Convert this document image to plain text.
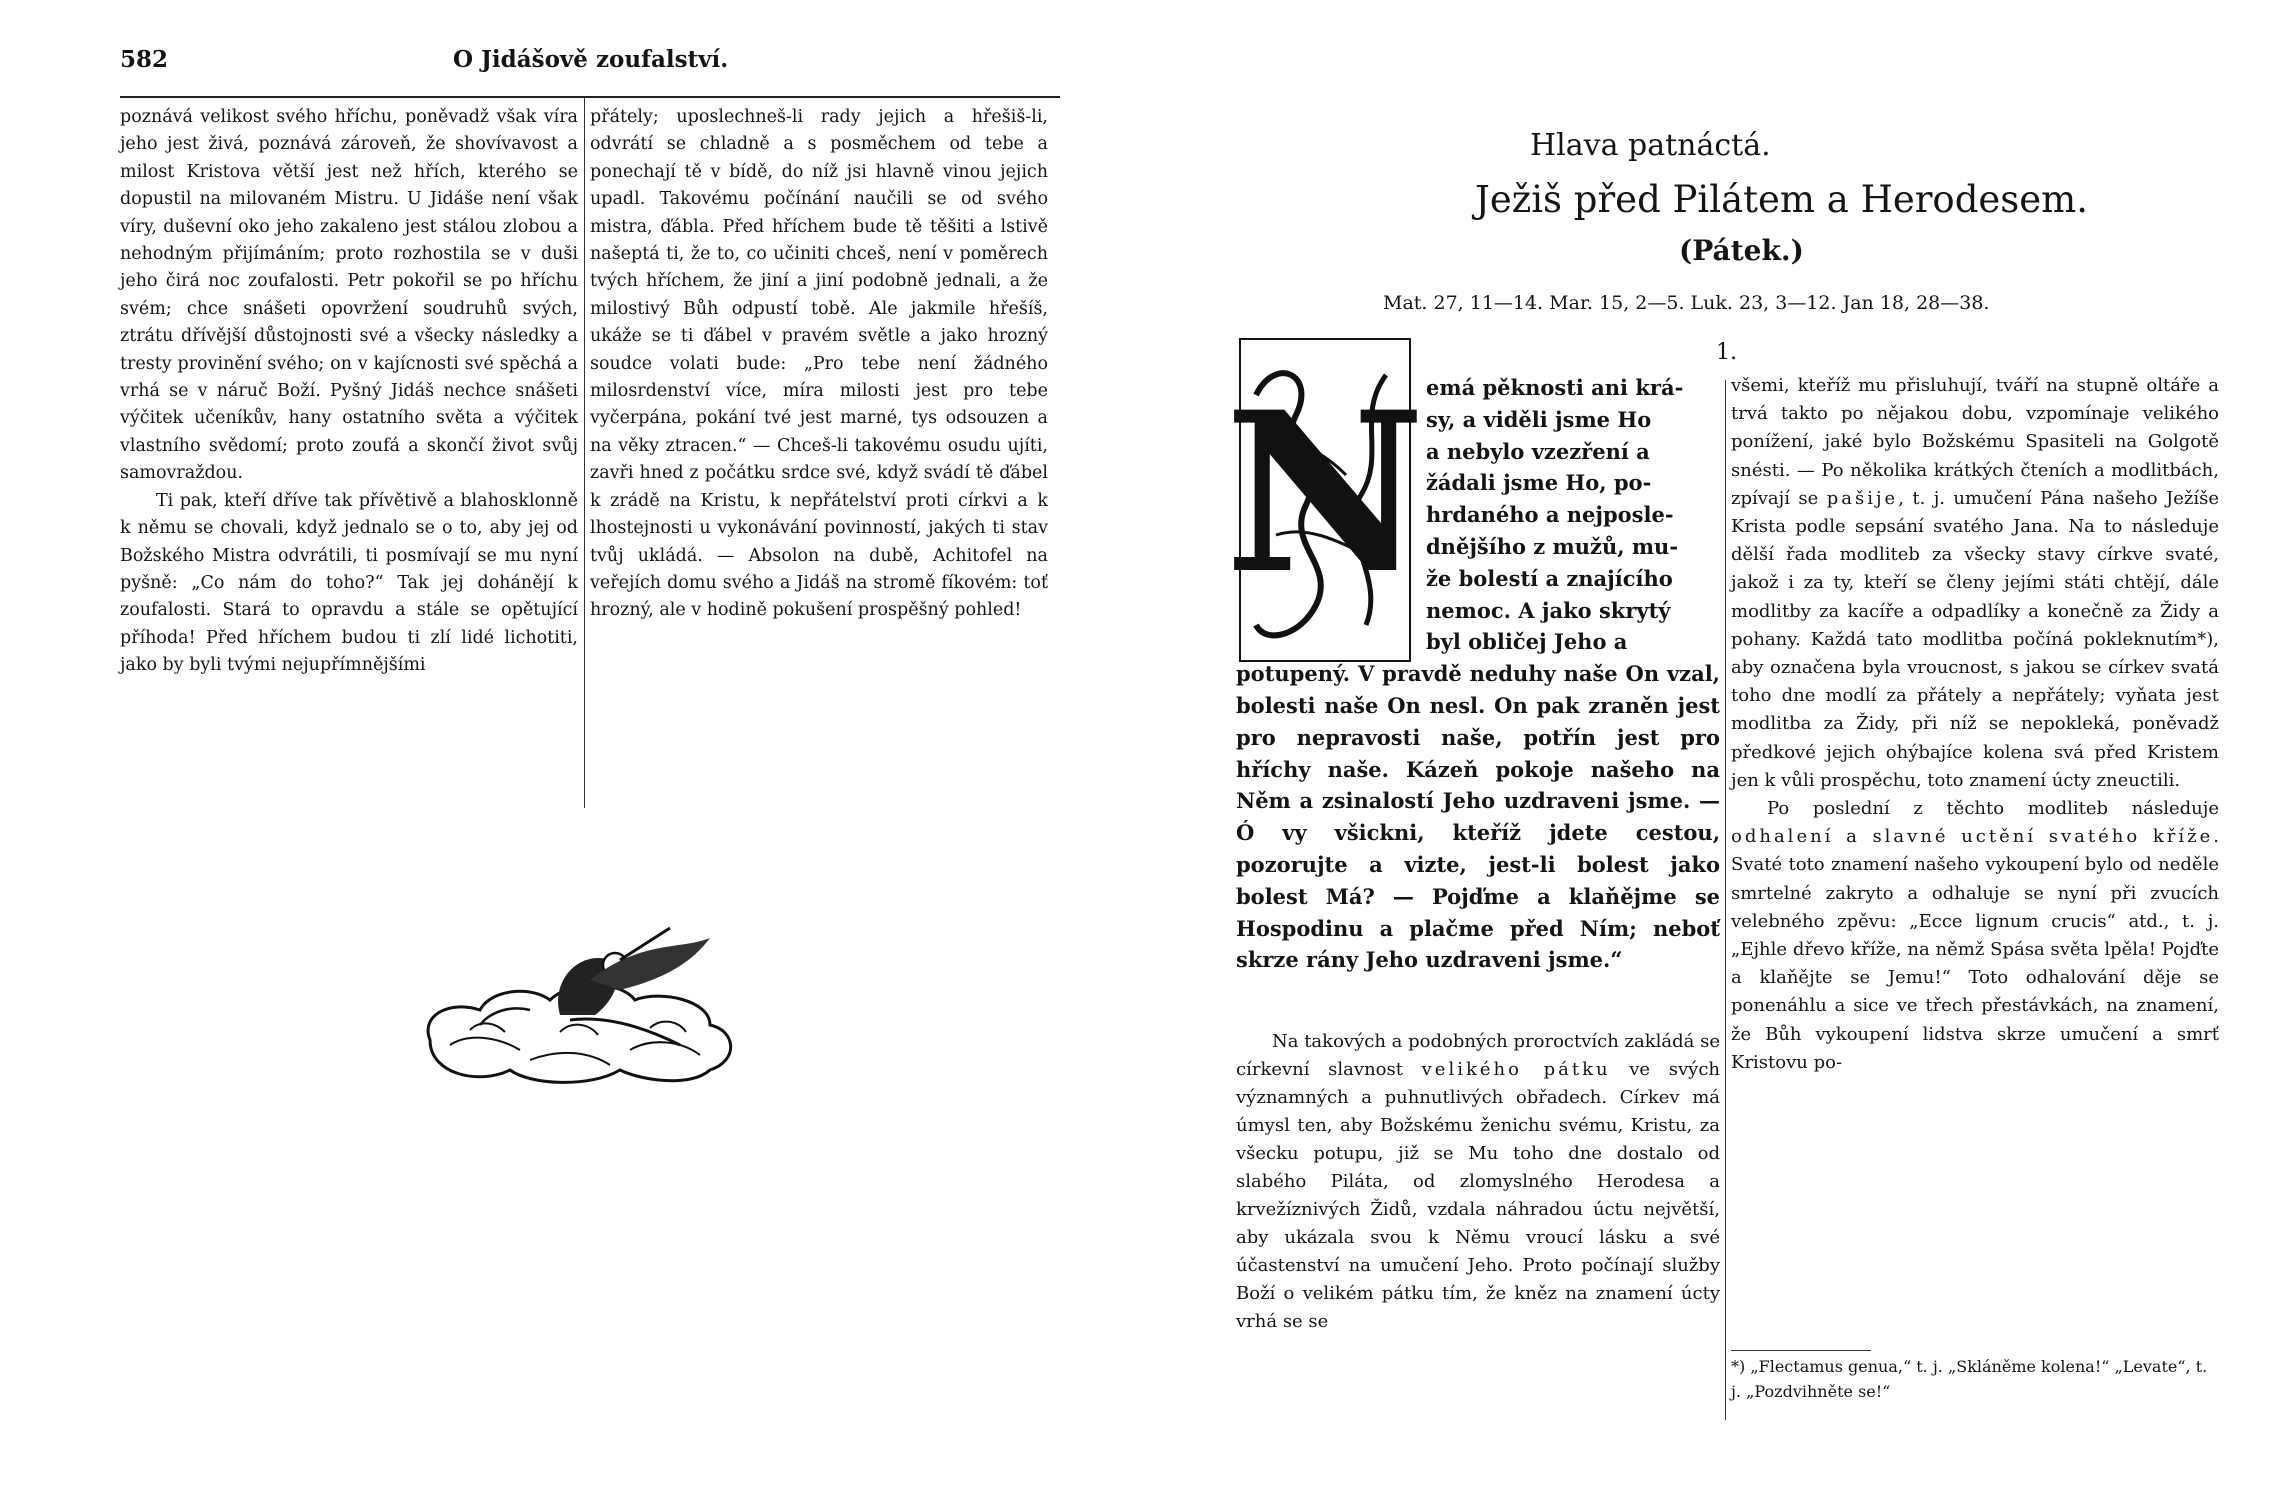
582	O Jidášově zoufalství.

poznává velikost svého hříchu, poněvadž však víra jeho jest živá, poznává zároveň, že shovívavost a milost Kristova větší jest než hřích, kterého se dopustil na milovaném Mistru. U Jidáše není však víry, duševní oko jeho zakaleno jest stálou zlobou a nehodným přijímáním; proto rozhostila se v duši jeho čirá noc zoufalosti. Petr pokořil se po hříchu svém; chce snášeti opovržení soudruhů svých, ztrátu dřívější důstojnosti své a všecky následky a tresty provinění svého; on v kajícnosti své spěchá a vrhá se v náruč Boží. Pyšný Jidáš nechce snášeti výčitek učeníkův, hany ostatního světa a výčitek vlastního svědomí; proto zoufá a skončí život svůj samovraždou.

Ti pak, kteří dříve tak přívětivě a blahosklonně k němu se chovali, když jednalo se o to, aby jej od Božského Mistra odvrátili, ti posmívají se mu nyní pyšně: „Co nám do toho?“ Tak jej dohánějí k zoufalosti. Stará to opravdu a stále se opětující příhoda! Před hříchem budou ti zlí lidé lichotiti, jako by byli tvými nejupřímnějšími

přátely; uposlechneš-li rady jejich a hřešiš-li, odvrátí se chladně a s posměchem od tebe a ponechají tě v bídě, do níž jsi hlavně vinou jejich upadl. Takovému počínání naučili se od svého mistra, ďábla. Před hříchem bude tě těšiti a lstivě našeptá ti, že to, co učiniti chceš, není v poměrech tvých hříchem, že jiní a jiní podobně jednali, a že milostivý Bůh odpustí tobě. Ale jakmile hřešíš, ukáže se ti ďábel v pravém světle a jako hrozný soudce volati bude: „Pro tebe není žádného milosrdenství více, míra milosti jest pro tebe vyčerpána, pokání tvé jest marné, tys odsouzen a na věky ztracen.“ — Chceš-li takovému osudu ujíti, zavři hned z počátku srdce své, když svádí tě ďábel k zrádě na Kristu, k nepřátelství proti církvi a k lhostejnosti u vykonávání povinností, jakých ti stav tvůj ukládá. — Absolon na dubě, Achitofel na veřejích domu svého a Jidáš na stromě fíkovém: toť hrozný, ale v hodině pokušení prospěšný pohled!

Hlava patnáctá.
Ježiš před Pilátem a Herodesem.
(Pátek.)
Mat. 27, 11—14. Mar. 15, 2—5. Luk. 23, 3—12. Jan 18, 28—38.
1.
N emá pěknosti ani krá-
sy, a viděli jsme Ho
a nebylo vzezření a
žádali jsme Ho, po-
hrdaného a nejposle-
dnějšího z mužů, mu-
že bolestí a znajícího
nemoc. A jako skrytý
byl obličej Jeho a
potupený. V pravdě neduhy naše On vzal, bolesti naše On nesl. On pak zraněn jest pro nepravosti naše, potřín jest pro hříchy naše. Kázeň pokoje našeho na Něm a zsinalostí Jeho uzdraveni jsme. — Ó vy všickni, kteříž jdete cestou, pozorujte a vizte, jest-li bolest jako bolest Má? — Pojďme a klaňějme se Hospodinu a plačme před Ním; neboť skrze rány Jeho uzdraveni jsme.“

Na takových a podobných proroctvích zakládá se církevní slavnost velikého pátku ve svých významných a puhnutlivých obřadech. Církev má úmysl ten, aby Božskému ženichu svému, Kristu, za všecku potupu, již se Mu toho dne dostalo od slabého Piláta, od zlomyslného Herodesa a krvežíznivých Židů, vzdala náhradou úctu největší, aby ukázala svou k Němu vroucí lásku a své účastenství na umučení Jeho. Proto počínají služby Boží o velikém pátku tím, že kněz na znamení úcty vrhá se se

všemi, kteříž mu přisluhují, tváří na stupně oltáře a trvá takto po nějakou dobu, vzpomínaje velikého ponížení, jaké bylo Božskému Spasiteli na Golgotě snésti. — Po několika krátkých čteních a modlitbách, zpívají se pašije, t. j. umučení Pána našeho Ježíše Krista podle sepsání svatého Jana. Na to následuje dělší řada modliteb za všecky stavy církve svaté, jakož i za ty, kteří se členy jejími státi chtějí, dále modlitby za kacíře a odpadlíky a konečně za Židy a pohany. Každá tato modlitba počíná pokleknutím*), aby označena byla vroucnost, s jakou se církev svatá toho dne modlí za přátely a nepřátely; vyňata jest modlitba za Židy, při níž se nepokleká, poněvadž předkové jejich ohýbajíce kolena svá před Kristem jen k vůli prospěchu, toto znamení úcty zneuctili.

Po poslední z těchto modliteb následuje odhalení a slavné uctění svatého kříže. Svaté toto znamení našeho vykoupení bylo od neděle smrtelné zakryto a odhaluje se nyní při zvucích velebného zpěvu: „Ecce lignum crucis“ atd., t. j. „Ejhle dřevo kříže, na němž Spása světa lpěla! Pojďte a klaňějte se Jemu!“ Toto odhalování děje se ponenáhlu a sice ve třech přestávkách, na znamení, že Bůh vykoupení lidstva skrze umučení a smrť Kristovu po-

*) „Flectamus genua,“ t. j. „Skláněme kolena!“ „Levate“, t. j. „Pozdvihněte se!“
